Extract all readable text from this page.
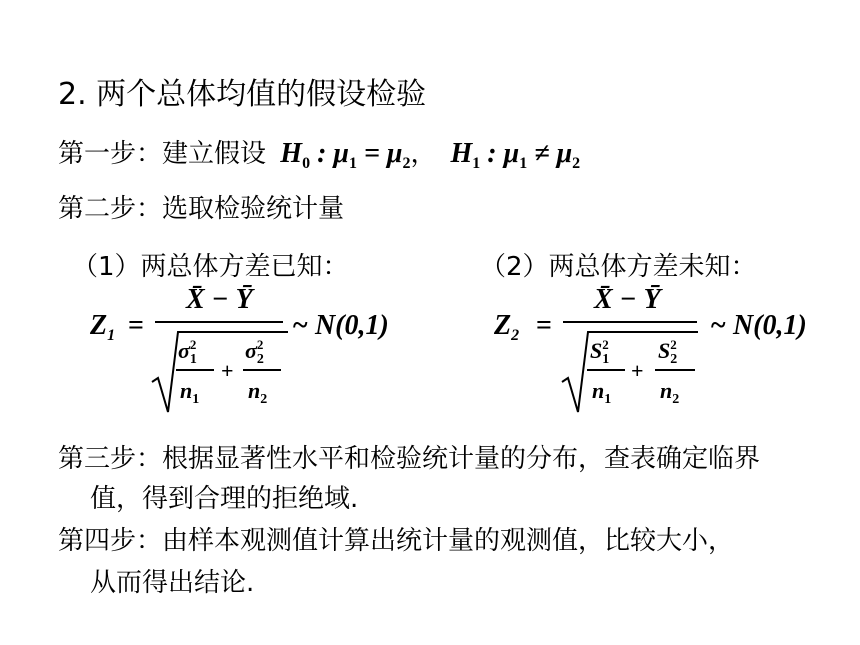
2. 两个总体均值的假设检验
第一步：建立假设 $H_0$ : $\mu_1 = \mu_2$， $H_1$ : $\mu_1 \ne \mu_2$
第二步：选取检验统计量
（1）两总体方差已知：	（2）两总体方差未知：
$Z_1$ =
X̄ − Ȳ
$\sigma_1^2$
$n_1$
+
$\sigma_2^2$
$n_2$
~ N(0,1)	$Z_2$ =
X̄ − Ȳ
$S_1^2$
$n_1$
+
$S_2^2$
$n_2$
~ N(0,1)
第三步：根据显著性水平和检验统计量的分布，查表确定临界
值，得到合理的拒绝域.
第四步：由样本观测值计算出统计量的观测值，比较大小，
从而得出结论.
